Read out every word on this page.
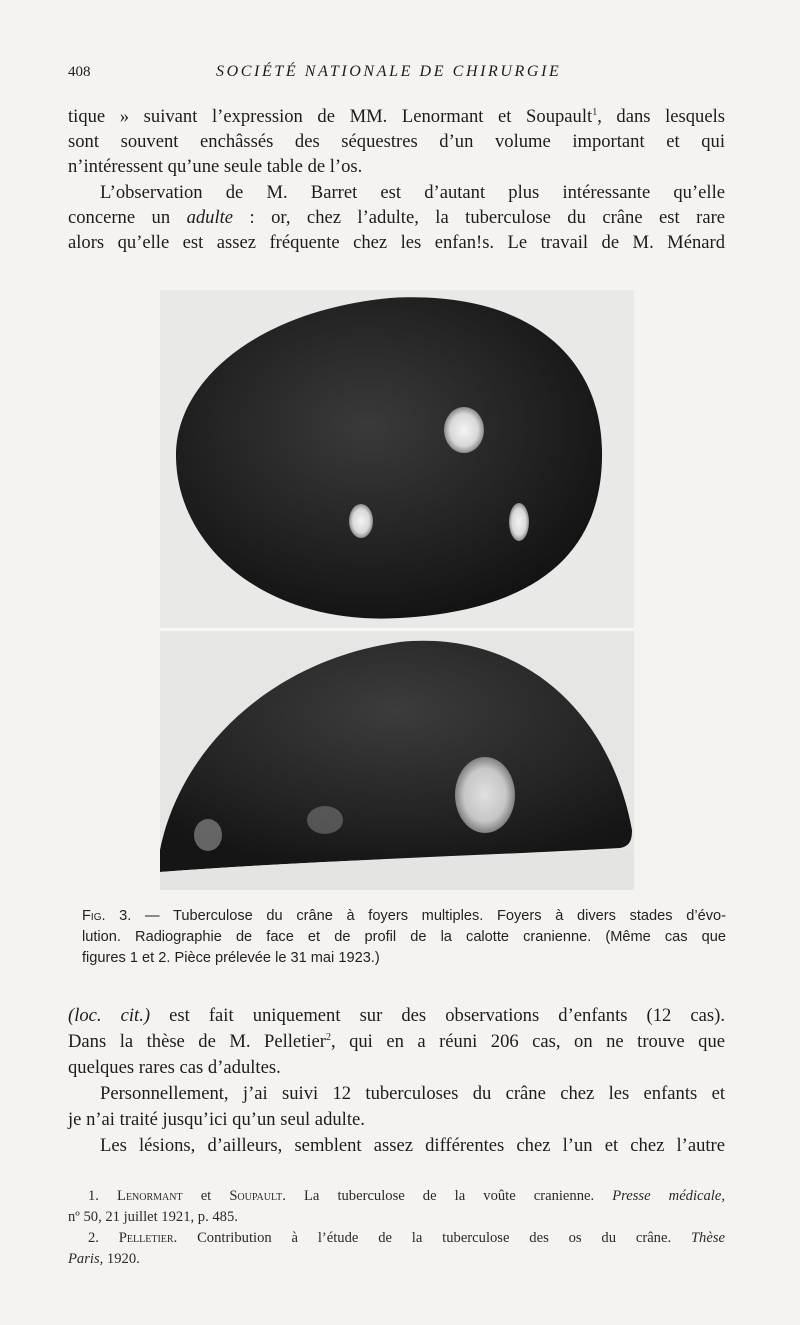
408	SOCIÉTÉ NATIONALE DE CHIRURGIE
tique » suivant l’expression de MM. Lenormant et Soupault$^1$, dans lesquels
sont souvent enchâssés des séquestres d’un volume important et qui
n’intéressent qu’une seule table de l’os.
L’observation de M. Barret est d’autant plus intéressante qu’elle
concerne un adulte : or, chez l’adulte, la tuberculose du crâne est rare
alors qu’elle est assez fréquente chez les enfan!s. Le travail de M. Ménard
Fig. 3. — Tuberculose du crâne à foyers multiples. Foyers à divers stades d’évo-
lution. Radiographie de face et de profil de la calotte cranienne. (Même cas que
figures 1 et 2. Pièce prélevée le 31 mai 1923.)
(loc. cit.) est fait uniquement sur des observations d’enfants (12 cas).
Dans la thèse de M. Pelletier$^2$, qui en a réuni 206 cas, on ne trouve que
quelques rares cas d’adultes.
Personnellement, j’ai suivi 12 tuberculoses du crâne chez les enfants et
je n’ai traité jusqu’ici qu’un seul adulte.
Les lésions, d’ailleurs, semblent assez différentes chez l’un et chez l’autre
1. Lenormant et Soupault. La tuberculose de la voûte cranienne. Presse médicale,
nº 50, 21 juillet 1921, p. 485.
2. Pelletier. Contribution à l’étude de la tuberculose des os du crâne. Thèse
Paris, 1920.
